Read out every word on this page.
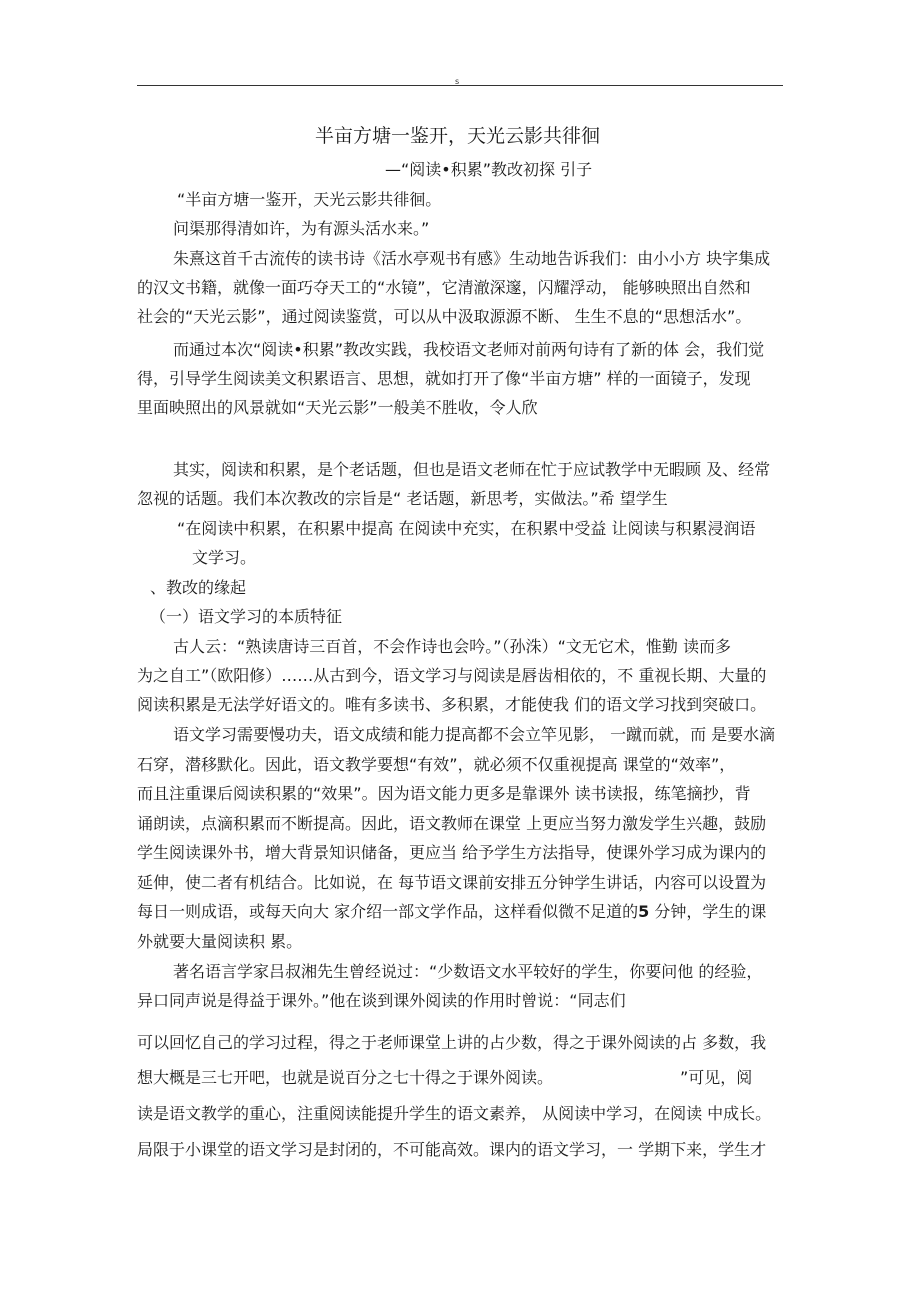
s
半亩方塘一鉴开，天光云影共徘徊
—“阅读•积累”教改初探 引子
“半亩方塘一鉴开，天光云影共徘徊。
问渠那得清如许，为有源头活水来。”
朱熹这首千古流传的读书诗《活水亭观书有感》生动地告诉我们：由小小方 块字集成
的汉文书籍，就像一面巧夺天工的“水镜”，它清澈深邃，闪耀浮动， 能够映照出自然和
社会的“天光云影”，通过阅读鉴赏，可以从中汲取源源不断、 生生不息的“思想活水”。
而通过本次“阅读•积累”教改实践，我校语文老师对前两句诗有了新的体 会，我们觉
得，引导学生阅读美文积累语言、思想，就如打开了像“半亩方塘” 样的一面镜子，发现
里面映照出的风景就如“天光云影”一般美不胜收，令人欣
其实，阅读和积累，是个老话题，但也是语文老师在忙于应试教学中无暇顾 及、经常
忽视的话题。我们本次教改的宗旨是“ 老话题，新思考，实做法。”希 望学生
“在阅读中积累，在积累中提高 在阅读中充实，在积累中受益 让阅读与积累浸润语
文学习。
、教改的缘起
（一）语文学习的本质特征
古人云：“熟读唐诗三百首，不会作诗也会吟。”（孙洙）“文无它术，惟勤 读而多
为之自工”（欧阳修）……从古到今，语文学习与阅读是唇齿相依的，不 重视长期、大量的
阅读积累是无法学好语文的。唯有多读书、多积累，才能使我 们的语文学习找到突破口。
语文学习需要慢功夫，语文成绩和能力提高都不会立竿见影， 一蹴而就，而 是要水滴
石穿，潜移默化。因此，语文教学要想“有效”，就必须不仅重视提高 课堂的“效率”，
而且注重课后阅读积累的“效果”。因为语文能力更多是靠课外 读书读报，练笔摘抄，背
诵朗读，点滴积累而不断提高。因此，语文教师在课堂 上更应当努力激发学生兴趣，鼓励
学生阅读课外书，增大背景知识储备，更应当 给予学生方法指导，使课外学习成为课内的
延伸，使二者有机结合。比如说，在 每节语文课前安排五分钟学生讲话，内容可以设置为
每日一则成语，或每天向大 家介绍一部文学作品，这样看似微不足道的5 分钟，学生的课
外就要大量阅读积 累。
著名语言学家吕叔湘先生曾经说过：“少数语文水平较好的学生，你要问他 的经验，
异口同声说是得益于课外。”他在谈到课外阅读的作用时曾说：“同志们
可以回忆自己的学习过程，得之于老师课堂上讲的占少数，得之于课外阅读的占 多数，我
想大概是三七开吧，也就是说百分之七十得之于课外阅读。	”可见，阅
读是语文教学的重心，注重阅读能提升学生的语文素养， 从阅读中学习，在阅读 中成长。
局限于小课堂的语文学习是封闭的，不可能高效。课内的语文学习，一 学期下来，学生才
